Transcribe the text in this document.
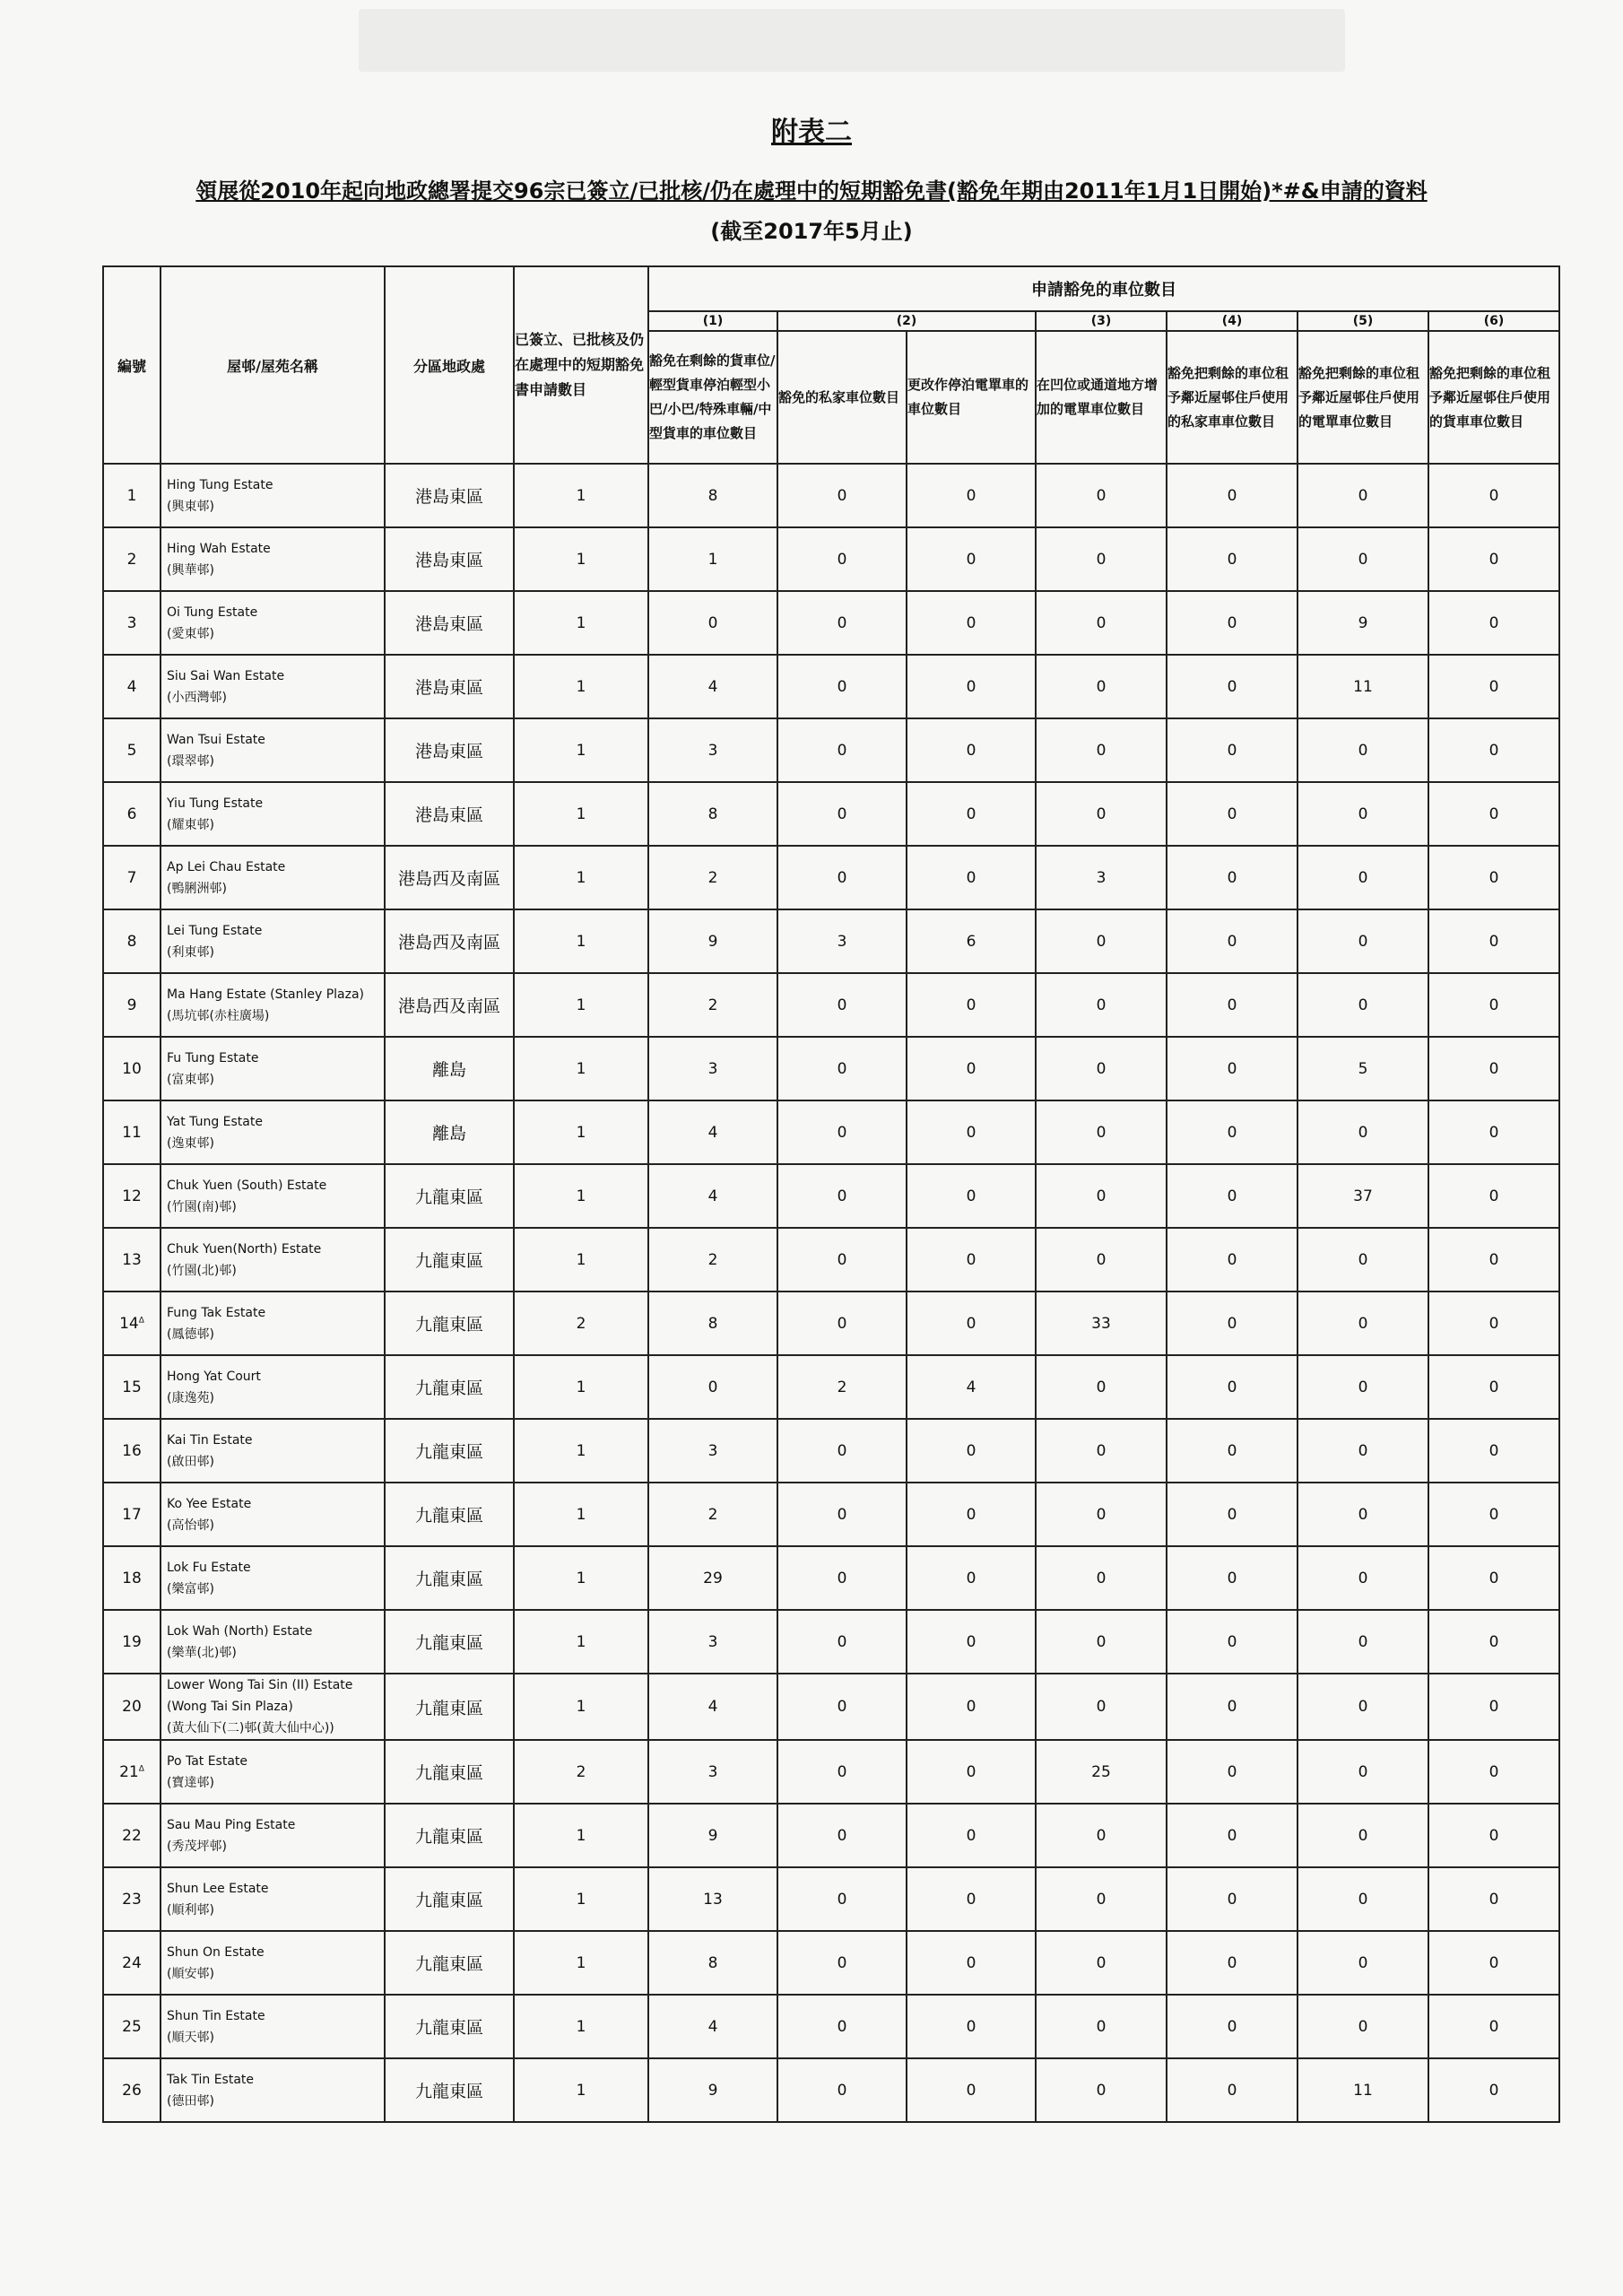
附表二
領展從2010年起向地政總署提交96宗已簽立/已批核/仍在處理中的短期豁免書(豁免年期由2011年1月1日開始)*#&申請的資料
(截至2017年5月止)
編號	屋邨/屋苑名稱	分區地政處	已簽立、已批核及仍在處理中的短期豁免書申請數目	申請豁免的車位數目						
				(1)	(2)		(3)	(4)	(5)	(6)
				豁免在剩餘的貨車位/輕型貨車停泊輕型小巴/小巴/特殊車輛/中型貨車的車位數目	豁免的私家車位數目	更改作停泊電單車的車位數目	在凹位或通道地方增加的電單車位數目	豁免把剩餘的車位租予鄰近屋邨住戶使用的私家車車位數目	豁免把剩餘的車位租予鄰近屋邨住戶使用的電單車位數目	豁免把剩餘的車位租予鄰近屋邨住戶使用的貨車車位數目
1	Hing Tung Estate
(興東邨)	港島東區	1	8	0	0	0	0	0	0
2	Hing Wah Estate
(興華邨)	港島東區	1	1	0	0	0	0	0	0
3	Oi Tung Estate
(愛東邨)	港島東區	1	0	0	0	0	0	9	0
4	Siu Sai Wan Estate
(小西灣邨)	港島東區	1	4	0	0	0	0	11	0
5	Wan Tsui Estate
(環翠邨)	港島東區	1	3	0	0	0	0	0	0
6	Yiu Tung Estate
(耀東邨)	港島東區	1	8	0	0	0	0	0	0
7	Ap Lei Chau Estate
(鴨脷洲邨)	港島西及南區	1	2	0	0	3	0	0	0
8	Lei Tung Estate
(利東邨)	港島西及南區	1	9	3	6	0	0	0	0
9	Ma Hang Estate (Stanley Plaza)
(馬坑邨(赤柱廣場)	港島西及南區	1	2	0	0	0	0	0	0
10	Fu Tung Estate
(富東邨)	離島	1	3	0	0	0	0	5	0
11	Yat Tung Estate
(逸東邨)	離島	1	4	0	0	0	0	0	0
12	Chuk Yuen (South) Estate
(竹園(南)邨)	九龍東區	1	4	0	0	0	0	37	0
13	Chuk Yuen(North) Estate
(竹園(北)邨)	九龍東區	1	2	0	0	0	0	0	0
$14^\Delta$	Fung Tak Estate
(鳳德邨)	九龍東區	2	8	0	0	33	0	0	0
15	Hong Yat Court
(康逸苑)	九龍東區	1	0	2	4	0	0	0	0
16	Kai Tin Estate
(啟田邨)	九龍東區	1	3	0	0	0	0	0	0
17	Ko Yee Estate
(高怡邨)	九龍東區	1	2	0	0	0	0	0	0
18	Lok Fu Estate
(樂富邨)	九龍東區	1	29	0	0	0	0	0	0
19	Lok Wah (North) Estate
(樂華(北)邨)	九龍東區	1	3	0	0	0	0	0	0
20	Lower Wong Tai Sin (II) Estate (Wong Tai Sin Plaza)
(黃大仙下(二)邨(黃大仙中心))	九龍東區	1	4	0	0	0	0	0	0
$21^\Delta$	Po Tat Estate
(寶達邨)	九龍東區	2	3	0	0	25	0	0	0
22	Sau Mau Ping Estate
(秀茂坪邨)	九龍東區	1	9	0	0	0	0	0	0
23	Shun Lee Estate
(順利邨)	九龍東區	1	13	0	0	0	0	0	0
24	Shun On Estate
(順安邨)	九龍東區	1	8	0	0	0	0	0	0
25	Shun Tin Estate
(順天邨)	九龍東區	1	4	0	0	0	0	0	0
26	Tak Tin Estate
(德田邨)	九龍東區	1	9	0	0	0	0	11	0
